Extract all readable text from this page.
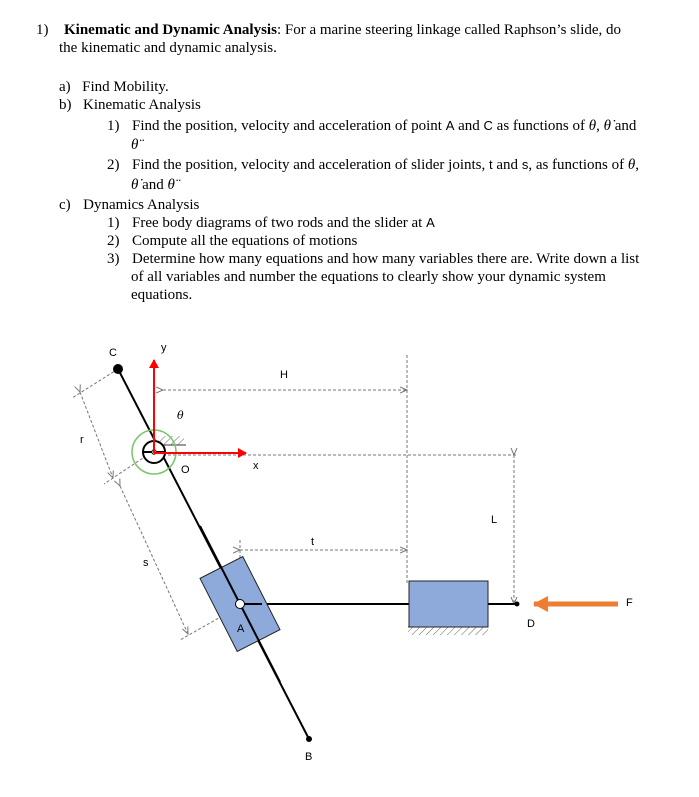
1) Kinematic and Dynamic Analysis: For a marine steering linkage called Raphson’s slide, do
the kinematic and dynamic analysis.
a) Find Mobility.
b) Kinematic Analysis
1) Find the position, velocity and acceleration of point A and C as functions of θ, θ̇ and
θ̈
2) Find the position, velocity and acceleration of slider joints, t and s, as functions of θ,
θ̇ and θ̈
c) Dynamics Analysis
1) Free body diagrams of two rods and the slider at A
2) Compute all the equations of motions
3) Determine how many equations and how many variables there are. Write down a list
of all variables and number the equations to clearly show your dynamic system
equations.
C	y
H
θ
r
O	x
L
t
s
A	D
F
B
